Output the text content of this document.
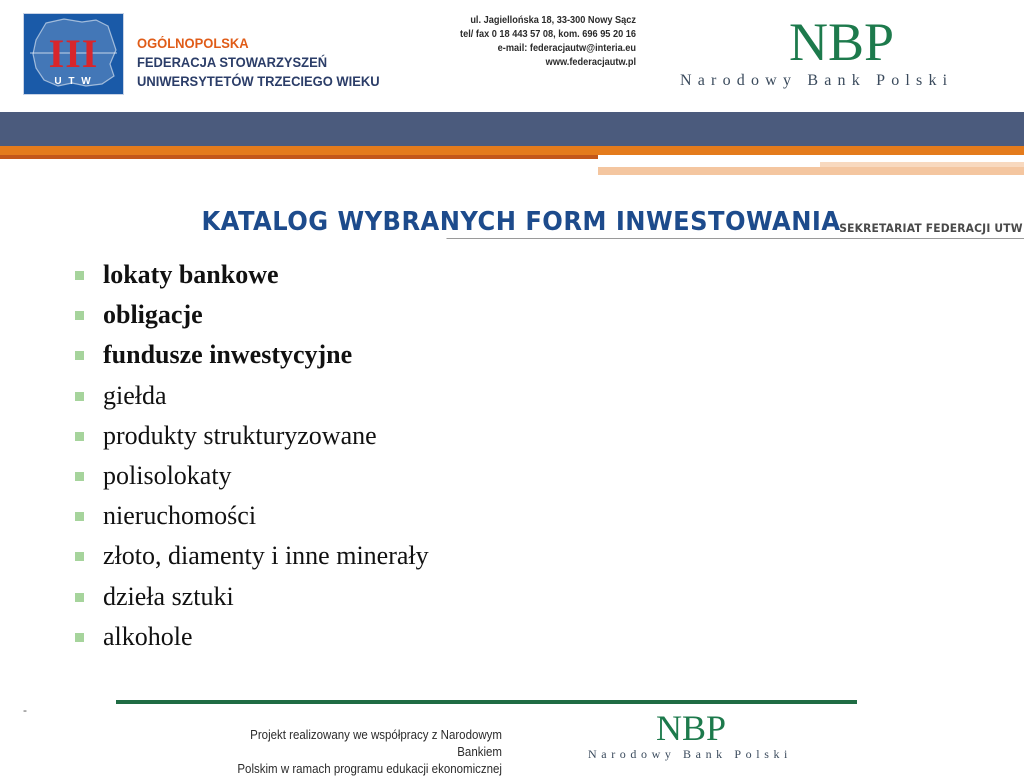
III
U T W
OGÓLNOPOLSKA
FEDERACJA STOWARZYSZEŃ
UNIWERSYTETÓW TRZECIEGO WIEKU
SEKRETARIAT FEDERACJI UTW
ul. Jagiellońska 18, 33-300 Nowy Sącz
tel/ fax 0 18 443 57 08, kom. 696 95 20 16
e-mail: federacjautw@interia.eu
www.federacjautw.pl	NBP
Narodowy Bank Polski
KATALOG WYBRANYCH FORM INWESTOWANIA
lokaty bankowe
obligacje
fundusze inwestycyjne
giełda
produkty strukturyzowane
polisolokaty
nieruchomości
złoto, diamenty i inne minerały
dzieła sztuki
alkohole
-
Projekt realizowany we współpracy z Narodowym Bankiem
Polskim w ramach programu edukacji ekonomicznej
NBP
Narodowy Bank Polski
